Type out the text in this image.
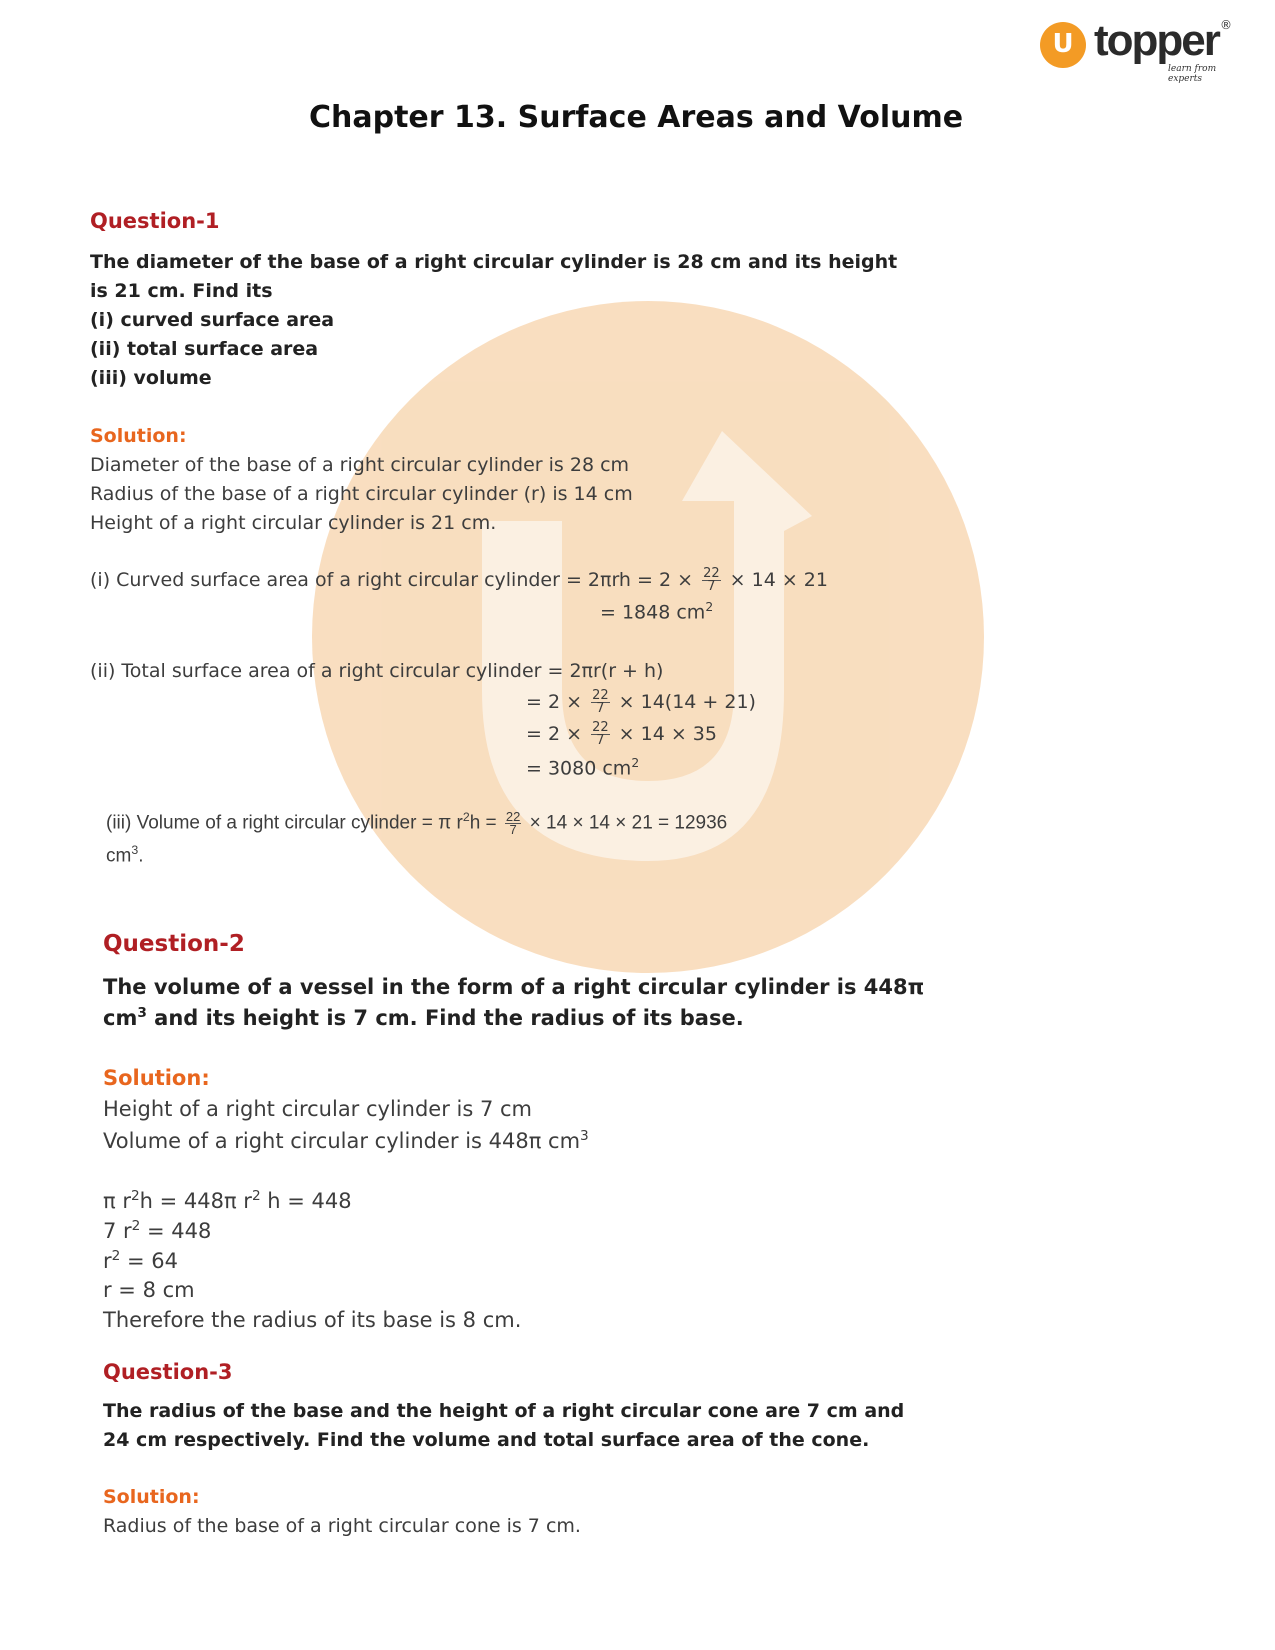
U topper ®
learn from experts
Chapter 13. Surface Areas and Volume
Question-1
The diameter of the base of a right circular cylinder is 28 cm and its height
is 21 cm. Find its
(i) curved surface area
(ii) total surface area
(iii) volume
Solution:
Diameter of the base of a right circular cylinder is 28 cm
Radius of the base of a right circular cylinder (r) is 14 cm
Height of a right circular cylinder is 21 cm.
(i) Curved surface area of a right circular cylinder = $2\pi rh = 2 \times \frac{22}{7} \times 14 \times 21$
= 1848 $cm^2$
(ii) Total surface area of a right circular cylinder = 2πr(r + h)
= $2 \times \frac{22}{7} \times 14(14 + 21)$
= $2 \times \frac{22}{7} \times 14 \times 35$
= 3080 $cm^2$
(iii) Volume of a right circular cylinder = π $r^2h = \frac{22}{7} \times 14 \times 14 \times 21 = 12936$
$cm^3$.
Question-2
The volume of a vessel in the form of a right circular cylinder is 448π
$cm^3$ and its height is 7 cm. Find the radius of its base.
Solution:
Height of a right circular cylinder is 7 cm
Volume of a right circular cylinder is 448π $cm^3$
π $r^2h = 448\pi$ $r^2$ h = 448
7 $r^2 = 448$
$r^2 = 64$
r = 8 cm
Therefore the radius of its base is 8 cm.
Question-3
The radius of the base and the height of a right circular cone are 7 cm and
24 cm respectively. Find the volume and total surface area of the cone.
Solution:
Radius of the base of a right circular cone is 7 cm.
